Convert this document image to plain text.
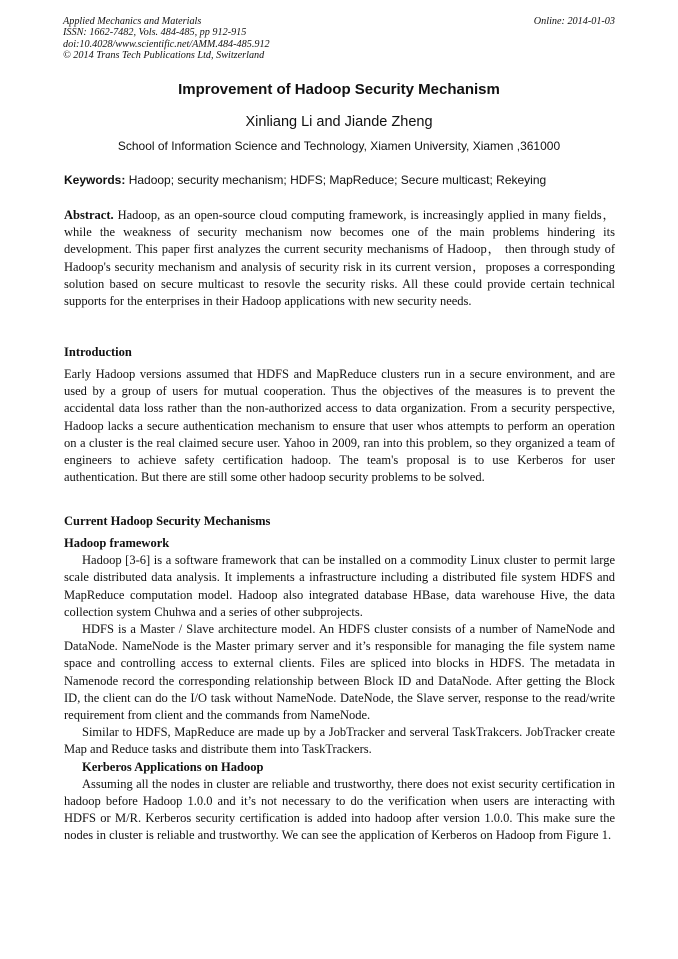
Applied Mechanics and Materials
ISSN: 1662-7482, Vols. 484-485, pp 912-915
doi:10.4028/www.scientific.net/AMM.484-485.912
© 2014 Trans Tech Publications Ltd, Switzerland
Online: 2014-01-03
Improvement of Hadoop Security Mechanism
Xinliang Li and Jiande Zheng
School of Information Science and Technology, Xiamen University, Xiamen ,361000
Keywords: Hadoop; security mechanism; HDFS; MapReduce; Secure multicast; Rekeying

Abstract. Hadoop, as an open-source cloud computing framework, is increasingly applied in many fields， while the weakness of security mechanism now becomes one of the main problems hindering its development. This paper first analyzes the current security mechanisms of Hadoop， then through study of Hadoop's security mechanism and analysis of security risk in its current version，proposes a corresponding solution based on secure multicast to resovle the security risks. All these could provide certain technical supports for the enterprises in their Hadoop applications with new security needs.

Introduction

Early Hadoop versions assumed that HDFS and MapReduce clusters run in a secure environment, and are used by a group of users for mutual cooperation. Thus the objectives of the measures is to prevent the accidental data loss rather than the non-authorized access to data organization. From a security perspective, Hadoop lacks a secure authentication mechanism to ensure that user whos attempts to perform an operation on a cluster is the real claimed secure user. Yahoo in 2009, ran into this problem, so they organized a team of engineers to achieve safety certification hadoop. The team's proposal is to use Kerberos for user authentication. But there are still some other hadoop security problems to be solved.

Current Hadoop Security Mechanisms

Hadoop framework

Hadoop [3-6] is a software framework that can be installed on a commodity Linux cluster to permit large scale distributed data analysis. It implements a infrastructure including a distributed file system HDFS and MapReduce computation model. Hadoop also integrated database HBase, data warehouse Hive, the data collection system Chuhwa and a series of other subprojects.

HDFS is a Master / Slave architecture model. An HDFS cluster consists of a number of NameNode and DataNode. NameNode is the Master primary server and it’s responsible for managing the file system name space and controlling access to external clients. Files are spliced into blocks in HDFS. The metadata in Namenode record the corresponding relationship between Block ID and DataNode. After getting the Block ID, the client can do the I/O task without NameNode. DateNode, the Slave server, response to the read/write requirement from client and the commands from NameNode.

Similar to HDFS, MapReduce are made up by a JobTracker and serveral TaskTrakcers. JobTracker create Map and Reduce tasks and distribute them into TaskTrackers.

Kerberos Applications on Hadoop

Assuming all the nodes in cluster are reliable and trustworthy, there does not exist security certification in hadoop before Hadoop 1.0.0 and it’s not necessary to do the verification when users are interacting with HDFS or M/R. Kerberos security certification is added into hadoop after version 1.0.0. This make sure the nodes in cluster is reliable and trustworthy. We can see the application of Kerberos on Hadoop from Figure 1.
